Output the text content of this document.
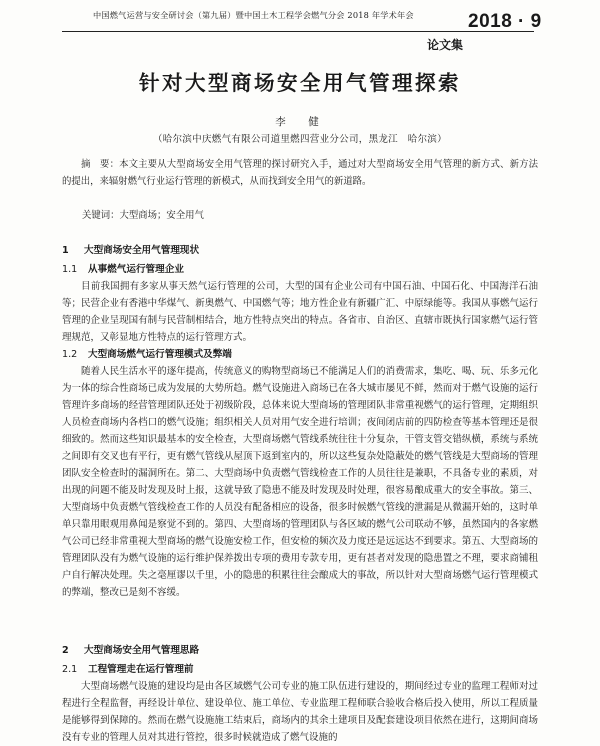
中国燃气运营与安全研讨会（第九届）暨中国土木工程学会燃气分会 2018 年学术年会	2018 · 9
论文集
针对大型商场安全用气管理探索
李　健
（哈尔滨中庆燃气有限公司道里燃四营业分公司，黑龙江　哈尔滨）
摘　要：本文主要从大型商场安全用气管理的探讨研究入手，通过对大型商场安全用气管理的新方式、新方法的提出，来辐射燃气行业运行管理的新模式，从而找到安全用气的新道路。
关键词：大型商场；安全用气
1 大型商场安全用气管理现状
1.1 从事燃气运行管理企业
目前我国拥有多家从事天然气运行管理的公司，大型的国有企业公司有中国石油、中国石化、中国海洋石油等；民营企业有香港中华煤气、新奥燃气、中国燃气等；地方性企业有新疆广汇、中原绿能等。我国从事燃气运行管理的企业呈现国有制与民营制相结合，地方性特点突出的特点。各省市、自治区、直辖市既执行国家燃气运行管理规范，又彰显地方性特点的运行管理方式。
1.2 大型商场燃气运行管理模式及弊端
随着人民生活水平的逐年提高，传统意义的购物型商场已不能满足人们的消费需求，集吃、喝、玩、乐多元化为一体的综合性商场已成为发展的大势所趋。燃气设施进入商场已在各大城市屡见不鲜，然而对于燃气设施的运行管理许多商场的经营管理团队还处于初级阶段，总体来说大型商场的管理团队非常重视燃气的运行管理，定期组织人员检查商场内各档口的燃气设施；组织相关人员对用气安全进行培训；夜间闭店前的四防检查等基本管理还是很细致的。然而这些知识最基本的安全检查，大型商场燃气管线系统往往十分复杂，干管支管交错纵横，系统与系统之间即有交叉也有平行，更有燃气管线从屋顶下返到室内的，所以这些复杂处隐蔽处的燃气管线是大型商场的管理团队安全检查时的漏洞所在。第二、大型商场中负责燃气管线检查工作的人员往往是兼职，不具备专业的素质，对出现的问题不能及时发现及时上报，这就导致了隐患不能及时发现及时处理，很容易酿成重大的安全事故。第三、大型商场中负责燃气管线检查工作的人员没有配备相应的设备，很多时候燃气管线的泄漏是从微漏开始的，这时单单只靠用眼观用鼻闻是察觉不到的。第四、大型商场的管理团队与各区域的燃气公司联动不够，虽然国内的各家燃气公司已经非常重视大型商场的燃气设施安检工作，但安检的频次及力度还是远远达不到要求。第五、大型商场的管理团队没有为燃气设施的运行维护保养拨出专项的费用专款专用，更有甚者对发现的隐患置之不理，要求商铺租户自行解决处理。失之毫厘谬以千里，小的隐患的积累往往会酿成大的事故，所以针对大型商场燃气运行管理模式的弊端，整改已是刻不容缓。
2 大型商场安全用气管理思路
2.1 工程管理走在运行管理前
大型商场燃气设施的建设均是由各区域燃气公司专业的施工队伍进行建设的，期间经过专业的监理工程师对过程进行全程监督，再经设计单位、建设单位、施工单位、专业监理工程师联合验收合格后投入使用，所以工程质量是能够得到保障的。然而在燃气设施施工结束后，商场内的其余土建项目及配套建设项目依然在进行，这期间商场没有专业的管理人员对其进行管控，很多时候就造成了燃气设施的
